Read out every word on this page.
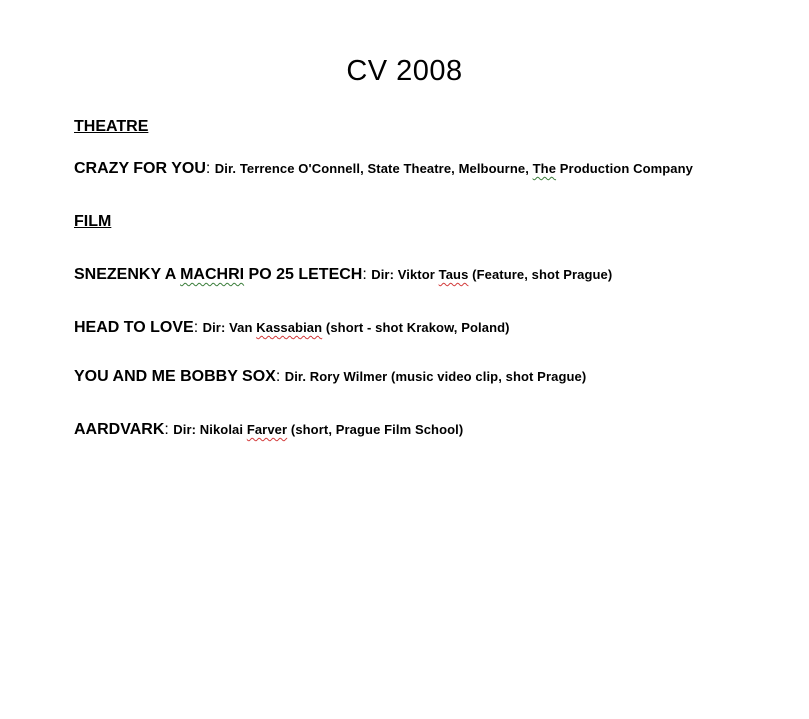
CV 2008
THEATRE
CRAZY FOR YOU: Dir. Terrence O'Connell, State Theatre, Melbourne, The Production Company
FILM
SNEZENKY A MACHRI PO 25 LETECH: Dir: Viktor Taus (Feature, shot Prague)
HEAD TO LOVE: Dir: Van Kassabian (short - shot Krakow, Poland)
YOU AND ME BOBBY SOX: Dir. Rory Wilmer (music video clip, shot Prague)
AARDVARK: Dir: Nikolai Farver (short, Prague Film School)
